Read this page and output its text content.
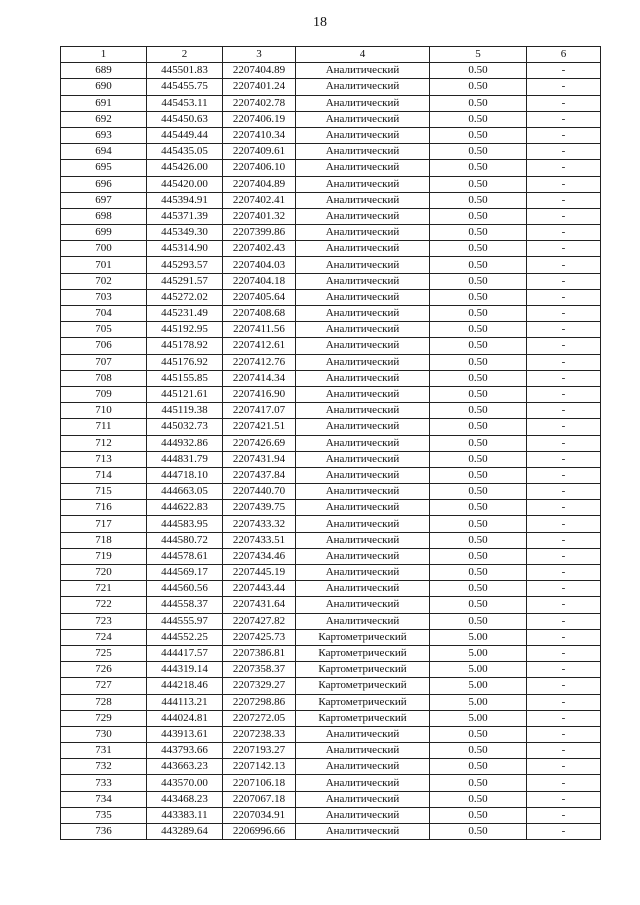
18
1	2	3	4	5	6
689	445501.83	2207404.89	Аналитический	0.50	-
690	445455.75	2207401.24	Аналитический	0.50	-
691	445453.11	2207402.78	Аналитический	0.50	-
692	445450.63	2207406.19	Аналитический	0.50	-
693	445449.44	2207410.34	Аналитический	0.50	-
694	445435.05	2207409.61	Аналитический	0.50	-
695	445426.00	2207406.10	Аналитический	0.50	-
696	445420.00	2207404.89	Аналитический	0.50	-
697	445394.91	2207402.41	Аналитический	0.50	-
698	445371.39	2207401.32	Аналитический	0.50	-
699	445349.30	2207399.86	Аналитический	0.50	-
700	445314.90	2207402.43	Аналитический	0.50	-
701	445293.57	2207404.03	Аналитический	0.50	-
702	445291.57	2207404.18	Аналитический	0.50	-
703	445272.02	2207405.64	Аналитический	0.50	-
704	445231.49	2207408.68	Аналитический	0.50	-
705	445192.95	2207411.56	Аналитический	0.50	-
706	445178.92	2207412.61	Аналитический	0.50	-
707	445176.92	2207412.76	Аналитический	0.50	-
708	445155.85	2207414.34	Аналитический	0.50	-
709	445121.61	2207416.90	Аналитический	0.50	-
710	445119.38	2207417.07	Аналитический	0.50	-
711	445032.73	2207421.51	Аналитический	0.50	-
712	444932.86	2207426.69	Аналитический	0.50	-
713	444831.79	2207431.94	Аналитический	0.50	-
714	444718.10	2207437.84	Аналитический	0.50	-
715	444663.05	2207440.70	Аналитический	0.50	-
716	444622.83	2207439.75	Аналитический	0.50	-
717	444583.95	2207433.32	Аналитический	0.50	-
718	444580.72	2207433.51	Аналитический	0.50	-
719	444578.61	2207434.46	Аналитический	0.50	-
720	444569.17	2207445.19	Аналитический	0.50	-
721	444560.56	2207443.44	Аналитический	0.50	-
722	444558.37	2207431.64	Аналитический	0.50	-
723	444555.97	2207427.82	Аналитический	0.50	-
724	444552.25	2207425.73	Картометрический	5.00	-
725	444417.57	2207386.81	Картометрический	5.00	-
726	444319.14	2207358.37	Картометрический	5.00	-
727	444218.46	2207329.27	Картометрический	5.00	-
728	444113.21	2207298.86	Картометрический	5.00	-
729	444024.81	2207272.05	Картометрический	5.00	-
730	443913.61	2207238.33	Аналитический	0.50	-
731	443793.66	2207193.27	Аналитический	0.50	-
732	443663.23	2207142.13	Аналитический	0.50	-
733	443570.00	2207106.18	Аналитический	0.50	-
734	443468.23	2207067.18	Аналитический	0.50	-
735	443383.11	2207034.91	Аналитический	0.50	-
736	443289.64	2206996.66	Аналитический	0.50	-
